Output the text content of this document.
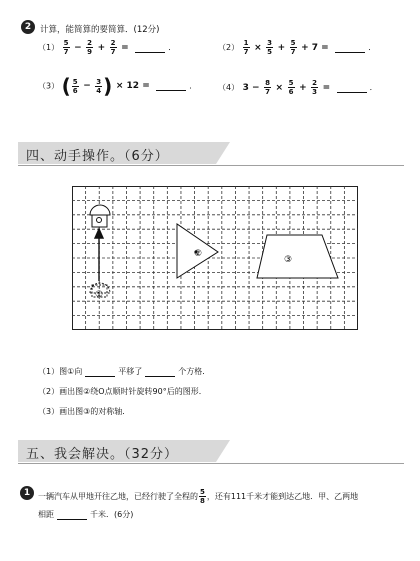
2	计算，能简算的要简算．(12分)
$(1) \frac{5}{7} - \frac{2}{9} + \frac{2}{7}$ =	．	$(2) \frac{1}{7} \times \frac{3}{5} + \frac{5}{7} + 7$ =	．
（3） ( $\frac{5}{6} - \frac{3}{4}$ ) × 12 =	．	（4） $3 - \frac{8}{7} \times \frac{5}{6} + \frac{2}{3}$ =	．
四、动手操作。（6分）
①
②
③
（1）图①向	平移了	个方格．
（2）画出图②绕O点顺时针旋转90°后的图形．
（3）画出图③的对称轴．
五、我会解决。（32分）
1 一辆汽车从甲地开往乙地，已经行驶了全程的 $\frac{5}{8}$ ，还有111千米才能到达乙地．甲、乙两地
相距	千米．(6分)
